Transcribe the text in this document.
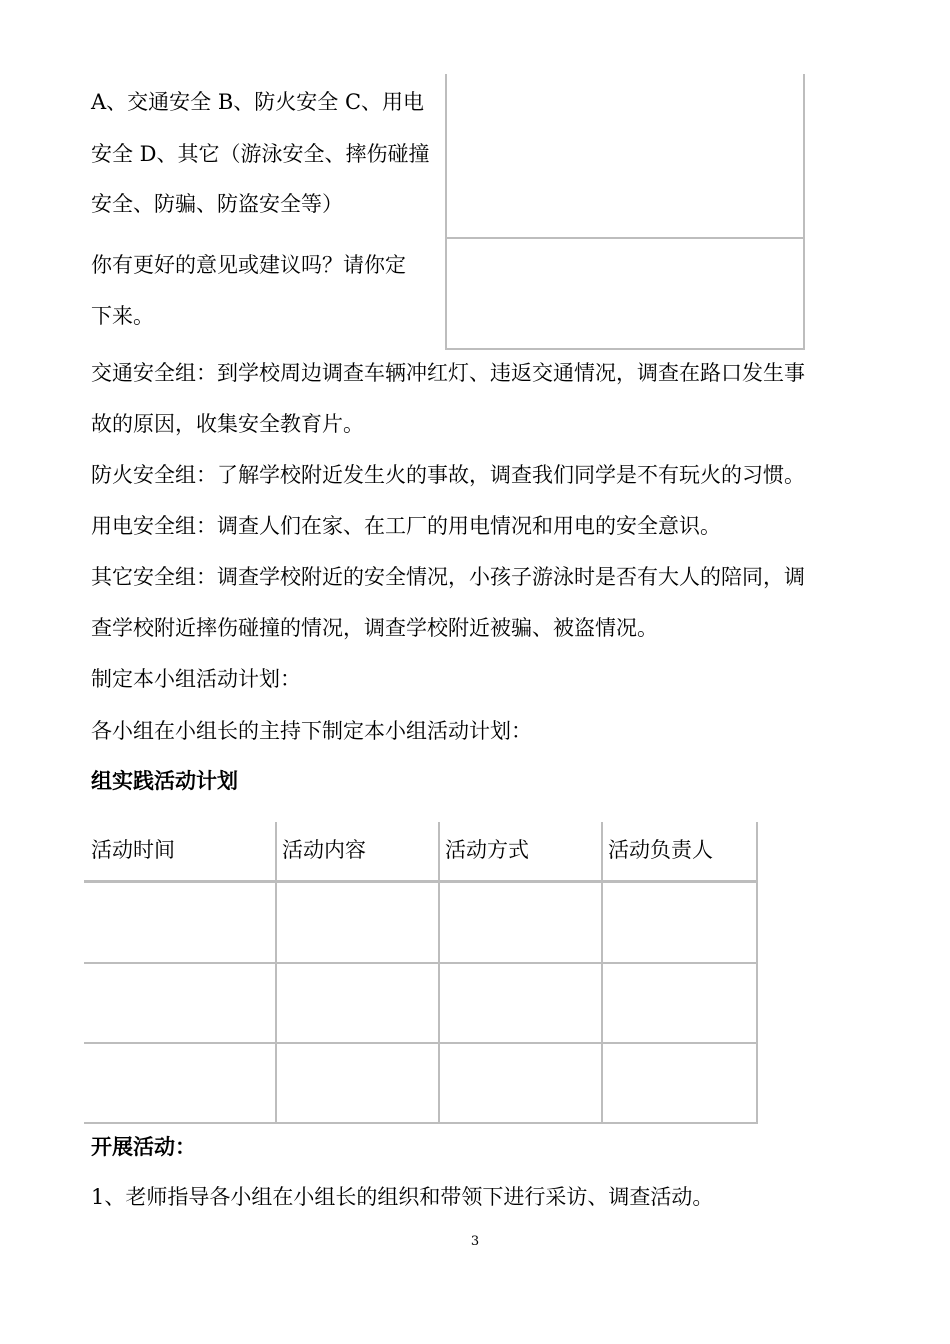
A、交通安全 B、防火安全 C、用电
安全 D、其它（游泳安全、摔伤碰撞
安全、防骗、防盗安全等）
你有更好的意见或建议吗？请你定
下来。
交通安全组：到学校周边调查车辆冲红灯、违返交通情况，调查在路口发生事
故的原因，收集安全教育片。
防火安全组：了解学校附近发生火的事故，调查我们同学是不有玩火的习惯。
用电安全组：调查人们在家、在工厂的用电情况和用电的安全意识。
其它安全组：调查学校附近的安全情况，小孩子游泳时是否有大人的陪同，调
查学校附近摔伤碰撞的情况，调查学校附近被骗、被盗情况。
制定本小组活动计划：
各小组在小组长的主持下制定本小组活动计划：
组实践活动计划
活动时间	活动内容	活动方式	活动负责人
开展活动：
1、老师指导各小组在小组长的组织和带领下进行采访、调查活动。
3
